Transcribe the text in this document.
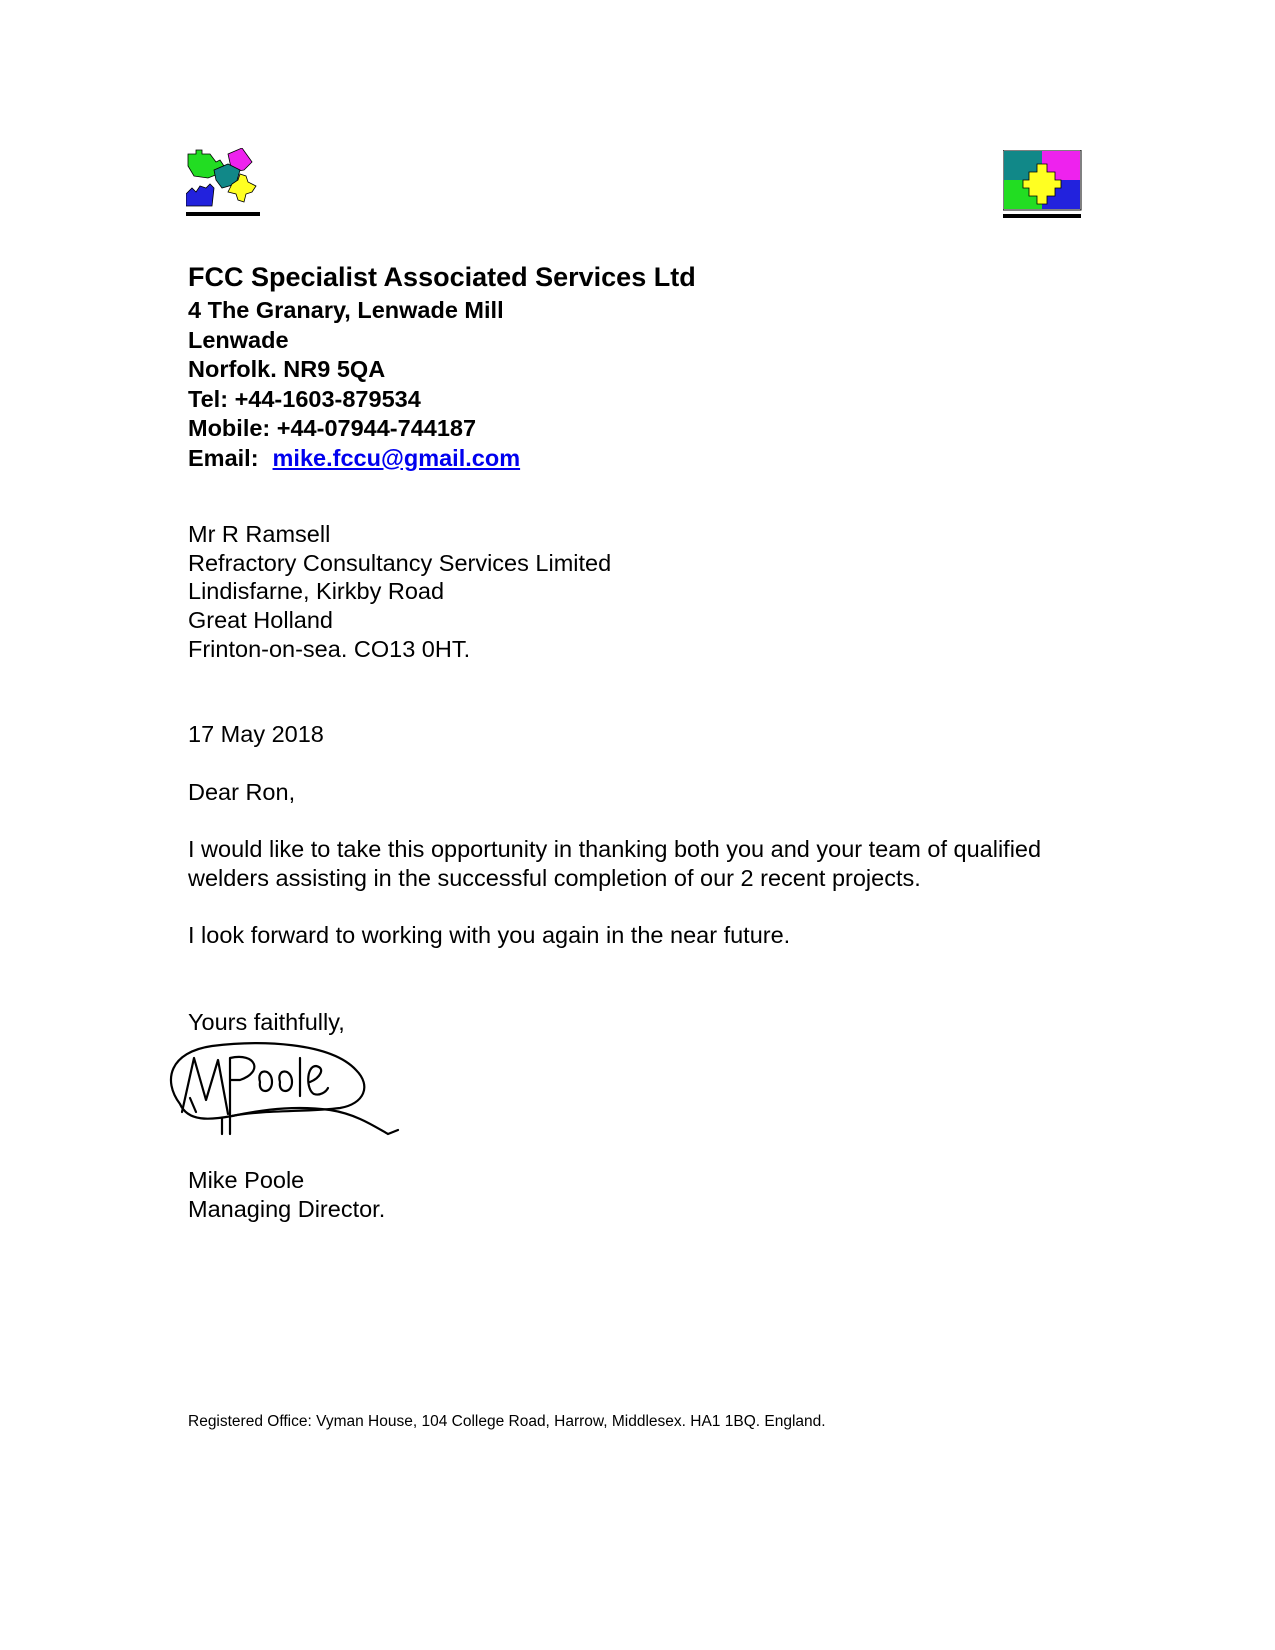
FCC Specialist Associated Services Ltd
4 The Granary, Lenwade Mill
Lenwade
Norfolk. NR9 5QA
Tel: +44-1603-879534
Mobile: +44-07944-744187
Email: mike.fccu@gmail.com
Mr R Ramsell
Refractory Consultancy Services Limited
Lindisfarne, Kirkby Road
Great Holland
Frinton-on-sea. CO13 0HT.
17 May 2018
Dear Ron,
I would like to take this opportunity in thanking both you and your team of qualified welders assisting in the successful completion of our 2 recent projects.
I look forward to working with you again in the near future.
Yours faithfully,
Mike Poole
Managing Director.
Registered Office: Vyman House, 104 College Road, Harrow, Middlesex. HA1 1BQ. England.
